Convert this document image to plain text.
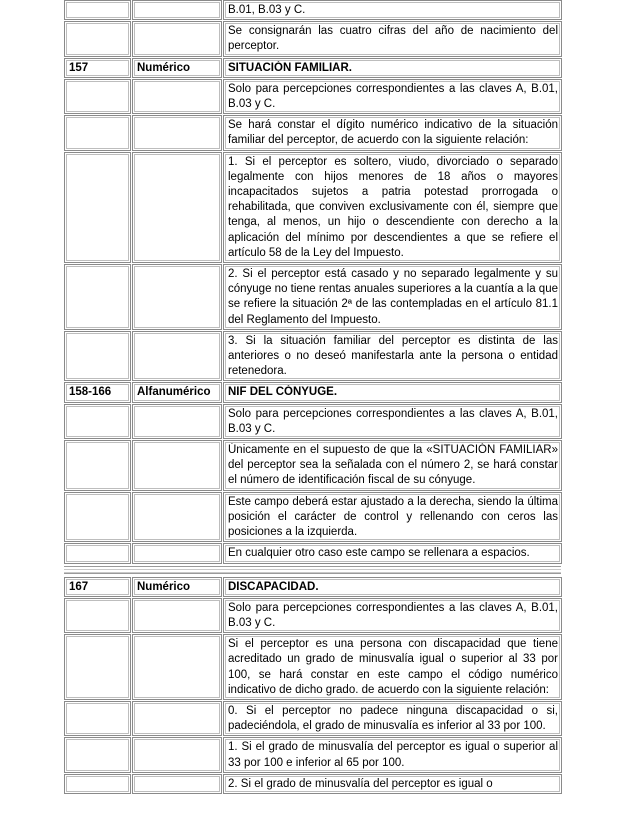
B.01, B.03 y C.
Se consignarán las cuatro cifras del año de nacimiento del perceptor.
157	Numérico	SITUACIÓN FAMILIAR.
Solo para percepciones correspondientes a las claves A, B.01, B.03 y C.
Se hará constar el dígito numérico indicativo de la situación familiar del perceptor, de acuerdo con la siguiente relación:
1. Si el perceptor es soltero, viudo, divorciado o separado legalmente con hijos menores de 18 años o mayores incapacitados sujetos a patria potestad prorrogada o rehabilitada, que conviven exclusivamente con él, siempre que tenga, al menos, un hijo o descendiente con derecho a la aplicación del mínimo por descendientes a que se refiere el artículo 58 de la Ley del Impuesto.
2. Si el perceptor está casado y no separado legalmente y su cónyuge no tiene rentas anuales superiores a la cuantía a la que se refiere la situación 2ª de las contempladas en el artículo 81.1 del Reglamento del Impuesto.
3. Si la situación familiar del perceptor es distinta de las anteriores o no deseó manifestarla ante la persona o entidad retenedora.
158-166	Alfanumérico	NIF DEL CÓNYUGE.
Solo para percepciones correspondientes a las claves A, B.01, B.03 y C.
Únicamente en el supuesto de que la «SITUACIÓN FAMILIAR» del perceptor sea la señalada con el número 2, se hará constar el número de identificación fiscal de su cónyuge.
Este campo deberá estar ajustado a la derecha, siendo la última posición el carácter de control y rellenando con ceros las posiciones a la izquierda.
En cualquier otro caso este campo se rellenara a espacios.
167	Numérico	DISCAPACIDAD.
Solo para percepciones correspondientes a las claves A, B.01, B.03 y C.
Si el perceptor es una persona con discapacidad que tiene acreditado un grado de minusvalía igual o superior al 33 por 100, se hará constar en este campo el código numérico indicativo de dicho grado. de acuerdo con la siguiente relación:
0. Si el perceptor no padece ninguna discapacidad o si, padeciéndola, el grado de minusvalía es inferior al 33 por 100.
1. Si el grado de minusvalía del perceptor es igual o superior al 33 por 100 e inferior al 65 por 100.
2. Si el grado de minusvalía del perceptor es igual o
